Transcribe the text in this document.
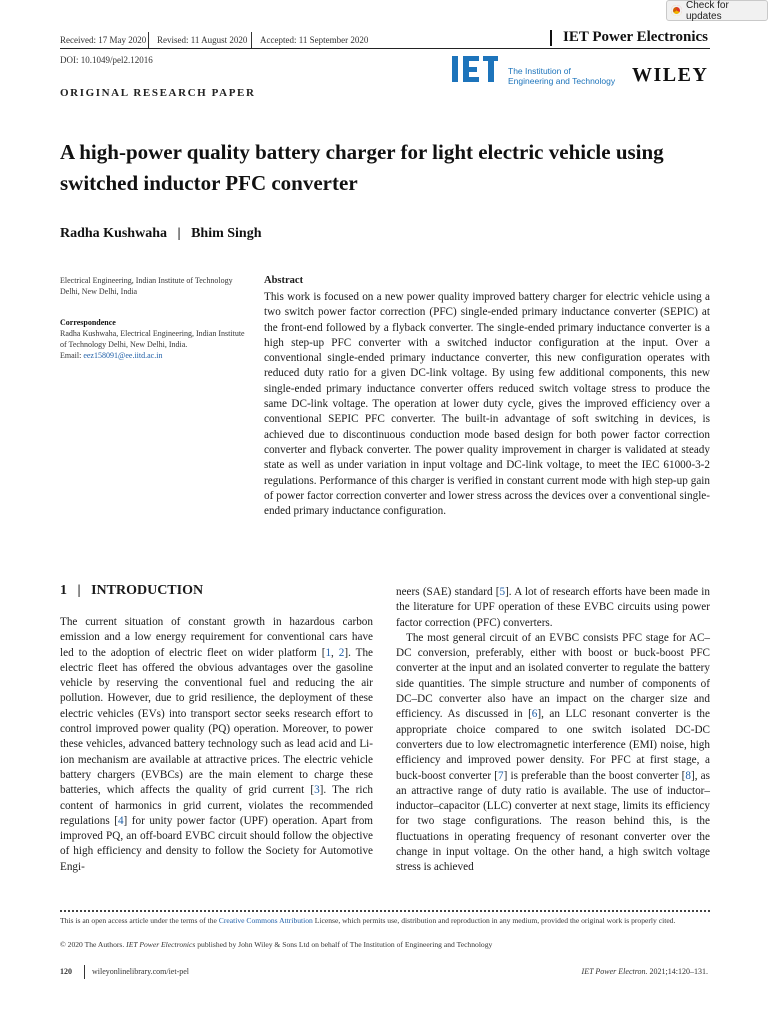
Check for updates
Received: 17 May 2020 Revised: 11 August 2020 Accepted: 11 September 2020
DOI: 10.1049/pel2.12016
IET Power Electronics
The Institution of
Engineering and Technology WILEY
ORIGINAL RESEARCH PAPER
A high-power quality battery charger for light electric vehicle using switched inductor PFC converter
Radha Kushwaha   |   Bhim Singh
Electrical Engineering, Indian Institute of Technology Delhi, New Delhi, India
Correspondence
Radha Kushwaha, Electrical Engineering, Indian Institute of Technology Delhi, New Delhi, India.
Email: eez158091@ee.iitd.ac.in
Abstract
This work is focused on a new power quality improved battery charger for electric vehicle using a two switch power factor correction (PFC) single-ended primary inductance converter (SEPIC) at the front-end followed by a flyback converter. The single-ended primary inductance converter is a high step-up PFC converter with a switched inductor configuration at the input. Over a conventional single-ended primary inductance converter, this new configuration operates with reduced duty ratio for a given DC-link voltage. By using few additional components, this new single-ended primary inductance converter offers reduced switch voltage stress to produce the same DC-link voltage. The operation at lower duty cycle, gives the improved efficiency over a conventional SEPIC PFC converter. The built-in advantage of soft switching in devices, is achieved due to discontinuous conduction mode based design for both power factor correction converter and flyback converter. The power quality improvement in charger is validated at steady state as well as under variation in input voltage and DC-link voltage, to meet the IEC 61000-3-2 regulations. Performance of this charger is verified in constant current mode with high step-up gain of power factor correction converter and lower stress across the devices over a conventional single-ended primary inductance configuration.
1   |   INTRODUCTION

The current situation of constant growth in hazardous carbon emission and a low energy requirement for conventional cars have led to the adoption of electric fleet on wider platform [1, 2]. The electric fleet has offered the obvious advantages over the gasoline vehicle by reserving the conventional fuel and reducing the air pollution. However, due to grid resilience, the deployment of these electric vehicles (EVs) into transport sector seeks research effort to control improved power quality (PQ) operation. Moreover, to power these vehicles, advanced battery technology such as lead acid and Li-ion mechanism are available at attractive prices. The electric vehicle battery chargers (EVBCs) are the main element to charge these batteries, which affects the quality of grid current [3]. The rich content of harmonics in grid current, violates the recommended regulations [4] for unity power factor (UPF) operation. Apart from improved PQ, an off-board EVBC circuit should follow the objective of high efficiency and density to follow the Society for Automotive Engi-

neers (SAE) standard [5]. A lot of research efforts have been made in the literature for UPF operation of these EVBC circuits using power factor correction (PFC) converters.

The most general circuit of an EVBC consists PFC stage for AC–DC conversion, preferably, either with boost or buck-boost PFC converter at the input and an isolated converter to regulate the battery side quantities. The simple structure and number of components of DC–DC converter also have an impact on the charger size and efficiency. As discussed in [6], an LLC resonant converter is the appropriate choice compared to one switch isolated DC-DC converters due to low electromagnetic interference (EMI) noise, high efficiency and improved power density. For PFC at first stage, a buck-boost converter [7] is preferable than the boost converter [8], as an attractive range of duty ratio is available. The use of inductor–inductor–capacitor (LLC) converter at next stage, limits its efficiency for two stage configurations. The reason behind this, is the fluctuations in operating frequency of resonant converter over the change in input voltage. On the other hand, a high switch voltage stress is achieved

This is an open access article under the terms of the Creative Commons Attribution License, which permits use, distribution and reproduction in any medium, provided the original work is properly cited.
© 2020 The Authors. IET Power Electronics published by John Wiley & Sons Ltd on behalf of The Institution of Engineering and Technology
120	wileyonlinelibrary.com/iet-pel	IET Power Electron. 2021;14:120–131.
